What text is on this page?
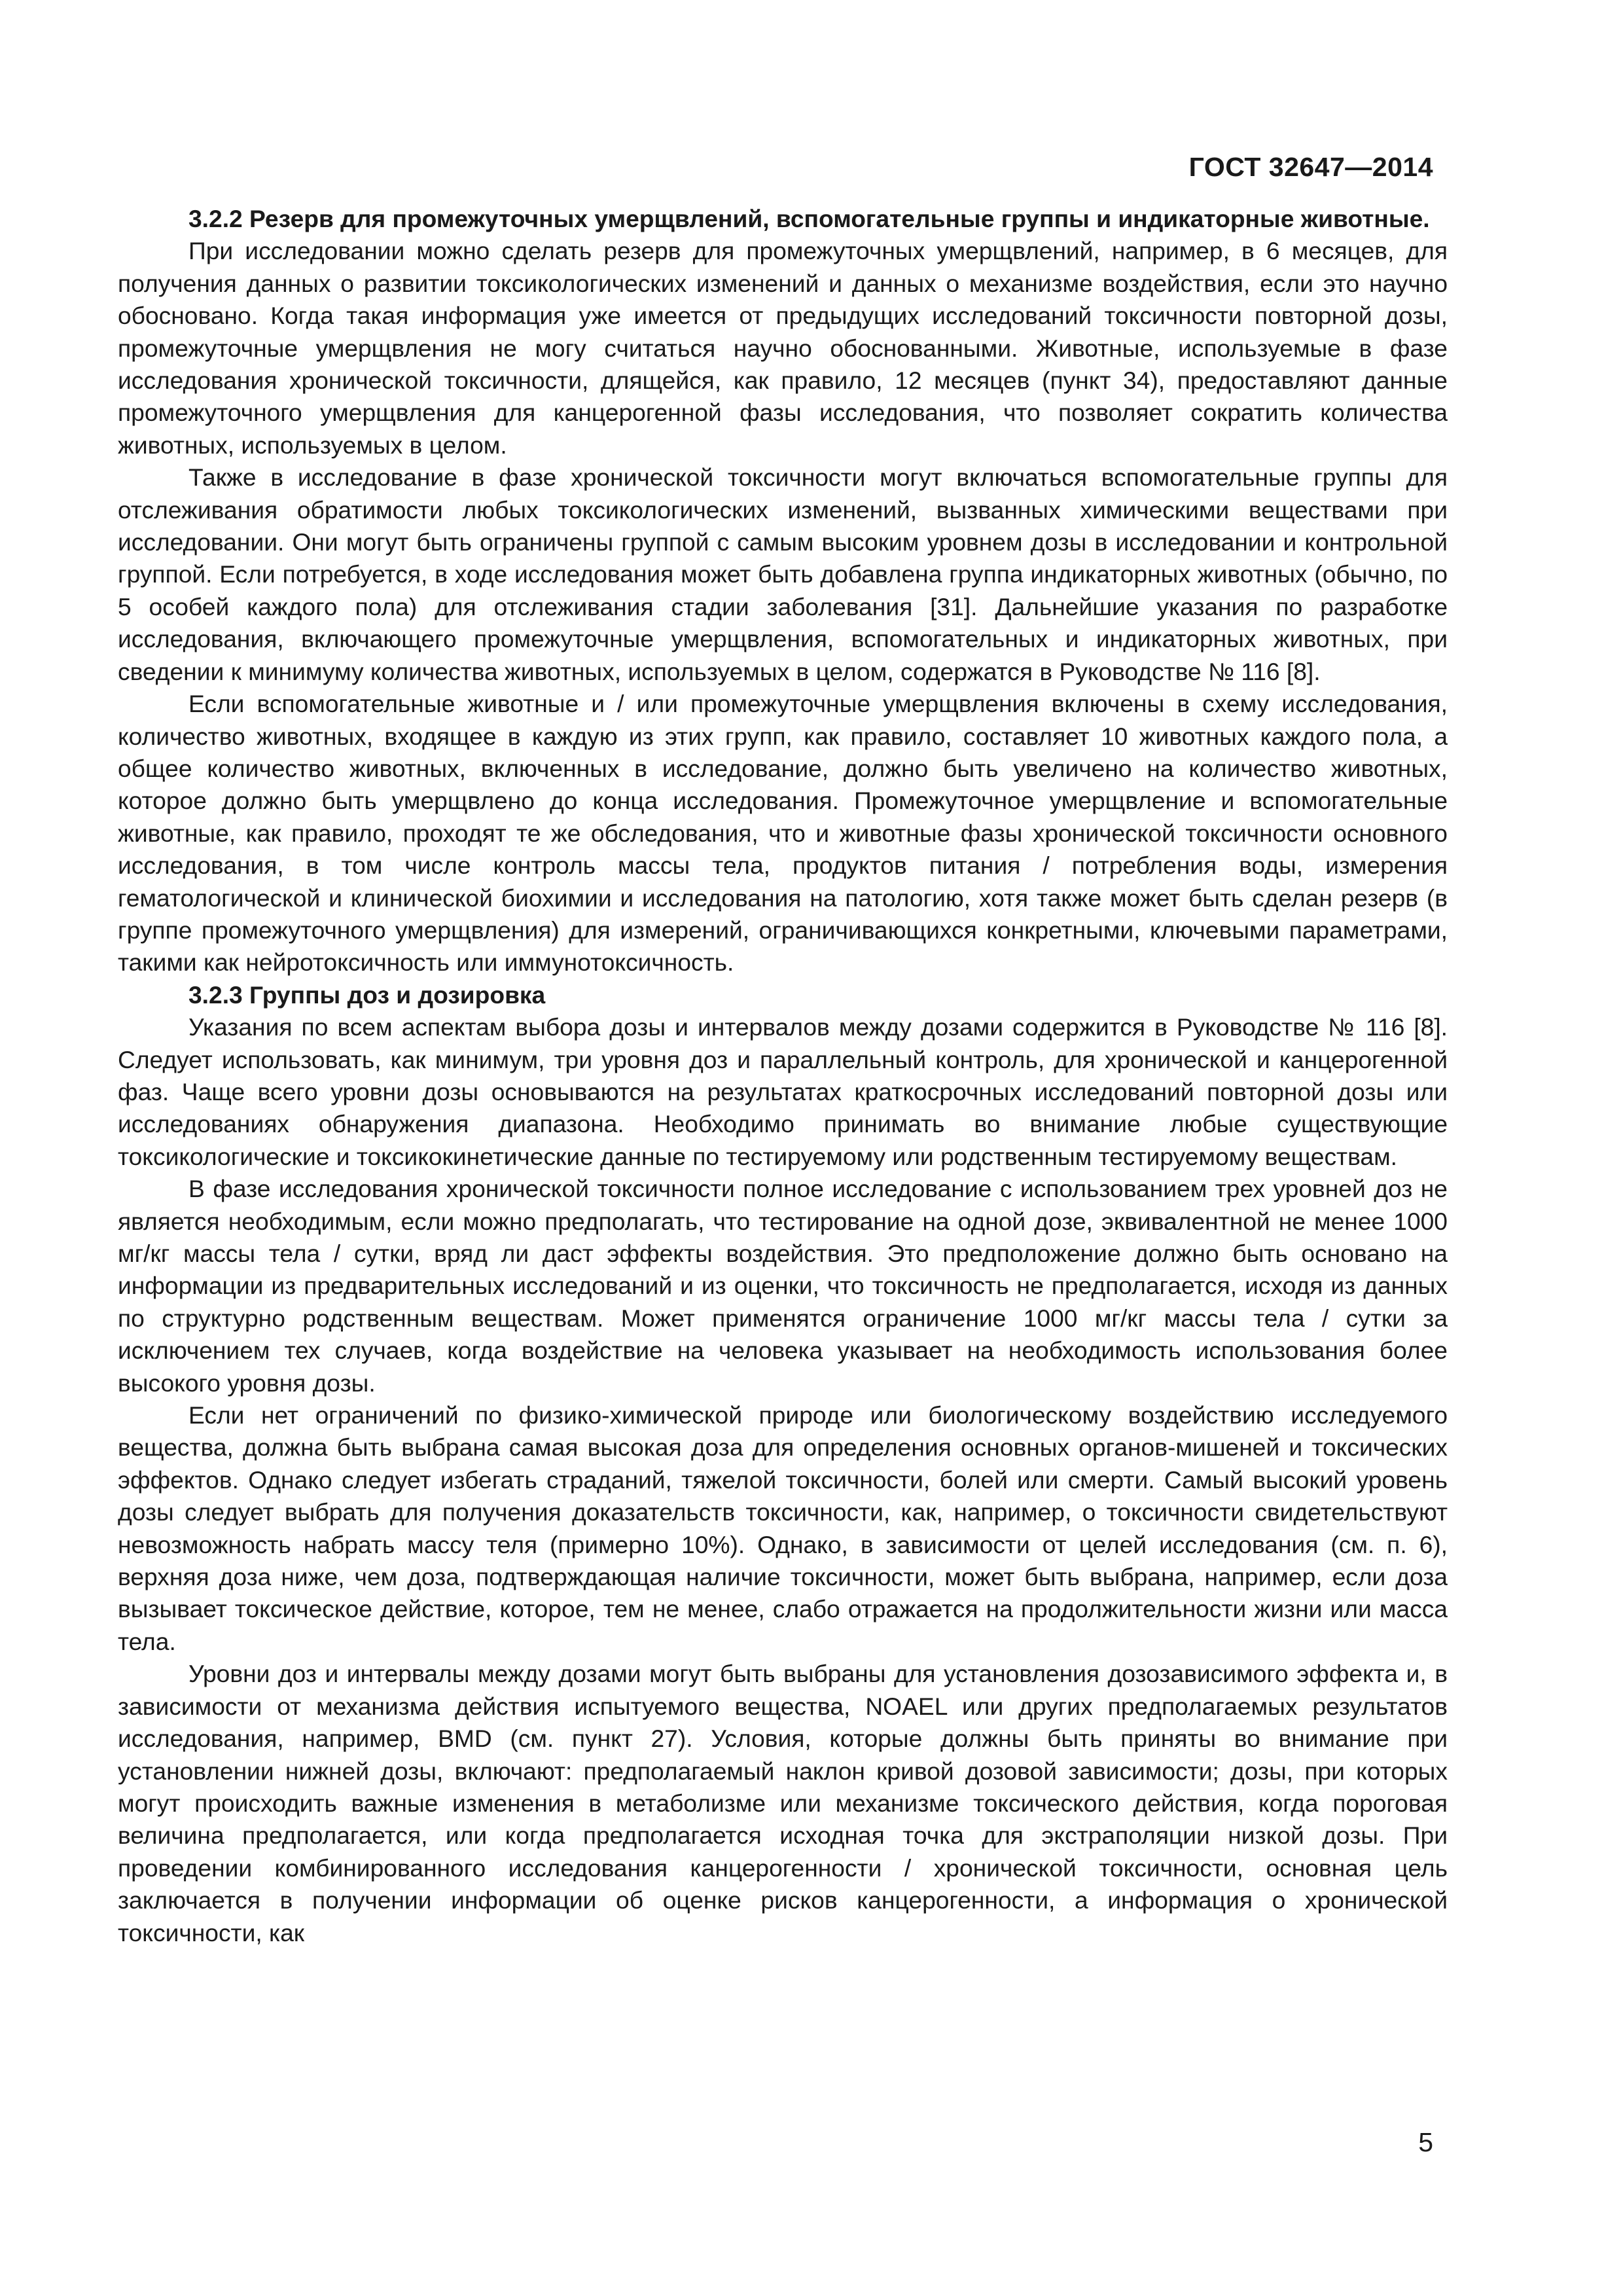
ГОСТ 32647—2014

3.2.2 Резерв для промежуточных умерщвлений, вспомогательные группы и индикаторные животные.

При исследовании можно сделать резерв для промежуточных умерщвлений, например, в 6 месяцев, для получения данных о развитии токсикологических изменений и данных о механизме воздействия, если это научно обосновано. Когда такая информация уже имеется от предыдущих исследований токсичности повторной дозы, промежуточные умерщвления не могу считаться научно обоснованными. Животные, используемые в фазе исследования хронической токсичности, длящейся, как правило, 12 месяцев (пункт 34), предоставляют данные промежуточного умерщвления для канцерогенной фазы исследования, что позволяет сократить количества животных, используемых в целом.

Также в исследование в фазе хронической токсичности могут включаться вспомогательные группы для отслеживания обратимости любых токсикологических изменений, вызванных химическими веществами при исследовании. Они могут быть ограничены группой с самым высоким уровнем дозы в исследовании и контрольной группой. Если потребуется, в ходе исследования может быть добавлена группа индикаторных животных (обычно, по 5 особей каждого пола) для отслеживания стадии заболевания [31]. Дальнейшие указания по разработке исследования, включающего промежуточные умерщвления, вспомогательных и индикаторных животных, при сведении к минимуму количества животных, используемых в целом, содержатся в Руководстве № 116 [8].

Если вспомогательные животные и / или промежуточные умерщвления включены в схему исследования, количество животных, входящее в каждую из этих групп, как правило, составляет 10 животных каждого пола, а общее количество животных, включенных в исследование, должно быть увеличено на количество животных, которое должно быть умерщвлено до конца исследования. Промежуточное умерщвление и вспомогательные животные, как правило, проходят те же обследования, что и животные фазы хронической токсичности основного исследования, в том числе контроль массы тела, продуктов питания / потребления воды, измерения гематологической и клинической биохимии и исследования на патологию, хотя также может быть сделан резерв (в группе промежуточного умерщвления) для измерений, ограничивающихся конкретными, ключевыми параметрами, такими как нейротоксичность или иммунотоксичность.

3.2.3 Группы доз и дозировка

Указания по всем аспектам выбора дозы и интервалов между дозами содержится в Руководстве № 116 [8]. Следует использовать, как минимум, три уровня доз и параллельный контроль, для хронической и канцерогенной фаз. Чаще всего уровни дозы основываются на результатах краткосрочных исследований повторной дозы или исследованиях обнаружения диапазона. Необходимо принимать во внимание любые существующие токсикологические и токсикокинетические данные по тестируемому или родственным тестируемому веществам.

В фазе исследования хронической токсичности полное исследование с использованием трех уровней доз не является необходимым, если можно предполагать, что тестирование на одной дозе, эквивалентной не менее 1000 мг/кг массы тела / сутки, вряд ли даст эффекты воздействия. Это предположение должно быть основано на информации из предварительных исследований и из оценки, что токсичность не предполагается, исходя из данных по структурно родственным веществам. Может применятся ограничение 1000 мг/кг массы тела / сутки за исключением тех случаев, когда воздействие на человека указывает на необходимость использования более высокого уровня дозы.

Если нет ограничений по физико-химической природе или биологическому воздействию исследуемого вещества, должна быть выбрана самая высокая доза для определения основных органов-мишеней и токсических эффектов. Однако следует избегать страданий, тяжелой токсичности, болей или смерти. Самый высокий уровень дозы следует выбрать для получения доказательств токсичности, как, например, о токсичности свидетельствуют невозможность набрать массу теля (примерно 10%). Однако, в зависимости от целей исследования (см. п. 6), верхняя доза ниже, чем доза, подтверждающая наличие токсичности, может быть выбрана, например, если доза вызывает токсическое действие, которое, тем не менее, слабо отражается на продолжительности жизни или масса тела.

Уровни доз и интервалы между дозами могут быть выбраны для установления дозозависимого эффекта и, в зависимости от механизма действия испытуемого вещества, NOAEL или других предполагаемых результатов исследования, например, BMD (см. пункт 27). Условия, которые должны быть приняты во внимание при установлении нижней дозы, включают: предполагаемый наклон кривой дозовой зависимости; дозы, при которых могут происходить важные изменения в метаболизме или механизме токсического действия, когда пороговая величина предполагается, или когда предполагается исходная точка для экстраполяции низкой дозы. При проведении комбинированного исследования канцерогенности / хронической токсичности, основная цель заключается в получении информации об оценке рисков канцерогенности, а информация о хронической токсичности, как

5
